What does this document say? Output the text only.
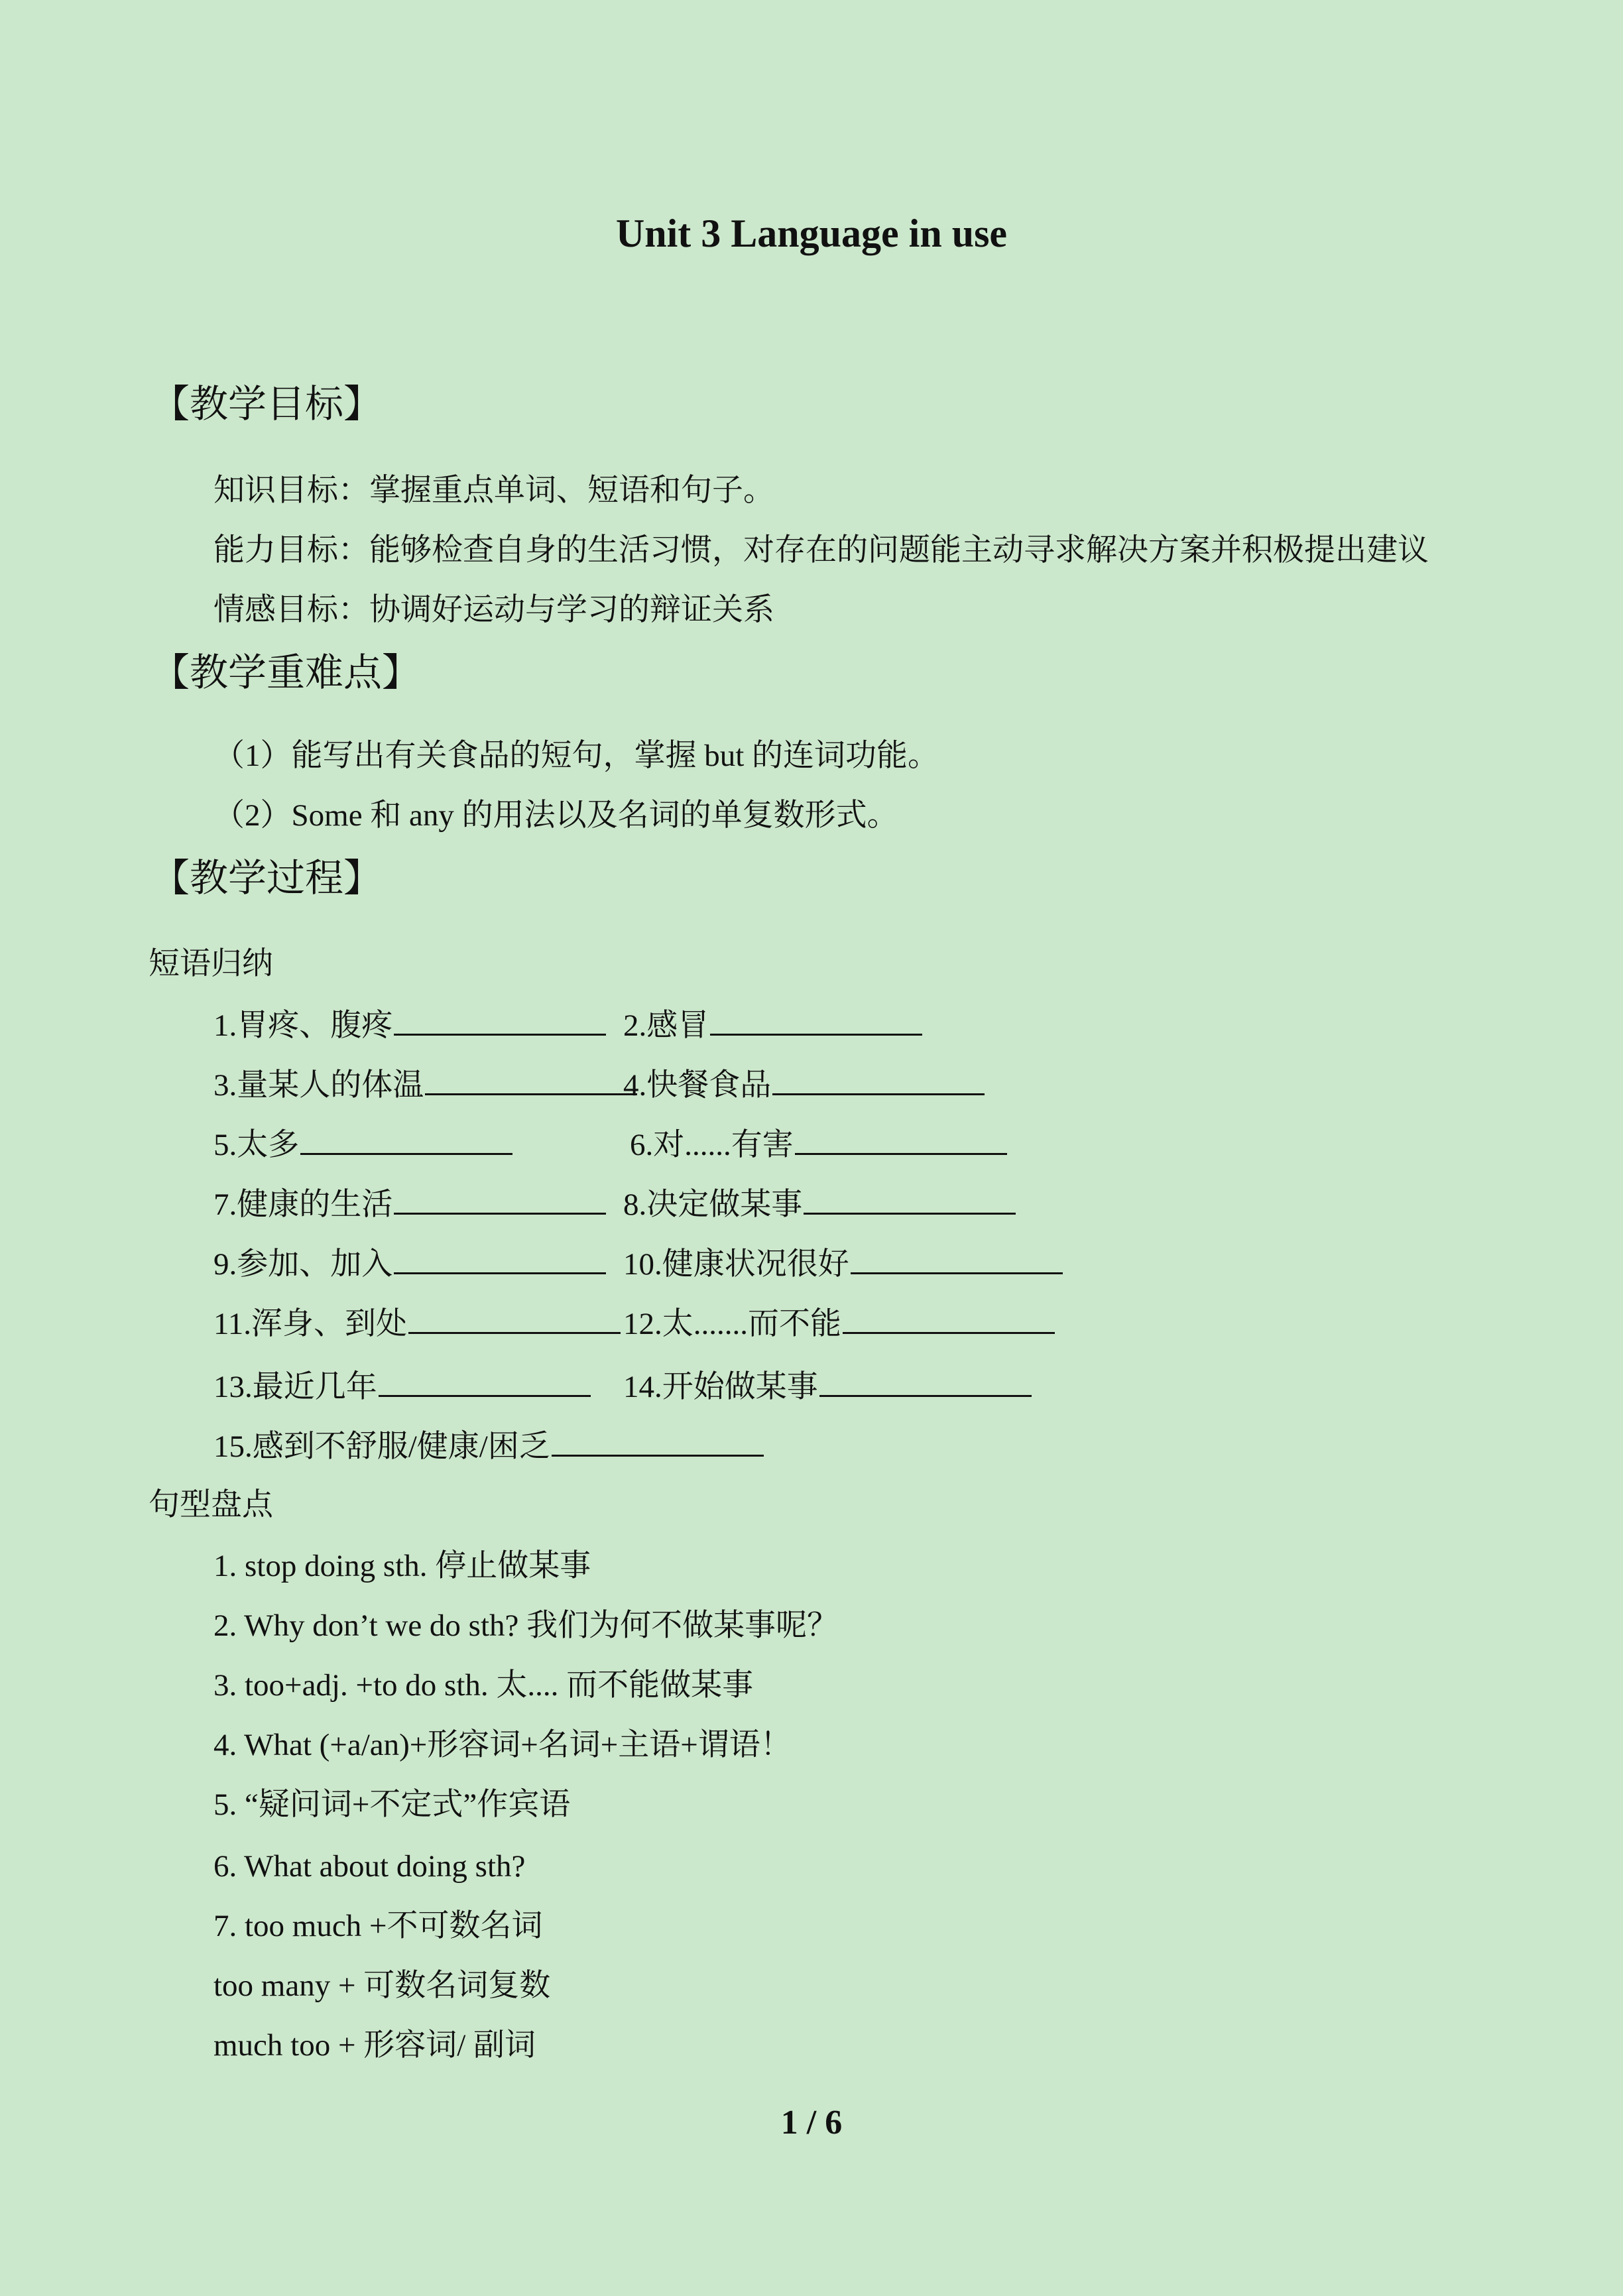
Unit 3 Language in use
【教学目标】
知识目标：掌握重点单词、短语和句子。
能力目标：能够检查自身的生活习惯，对存在的问题能主动寻求解决方案并积极提出建议
情感目标：协调好运动与学习的辩证关系
【教学重难点】
（1）能写出有关食品的短句，掌握 but 的连词功能。
（2）Some 和 any 的用法以及名词的单复数形式。
【教学过程】
短语归纳
1.胃疼、腹疼	2.感冒
3.量某人的体温	4.快餐食品
5.太多	6.对......有害
7.健康的生活	8.决定做某事
9.参加、加入	10.健康状况很好
11.浑身、到处	12.太.......而不能
13.最近几年	14.开始做某事
15.感到不舒服/健康/困乏
句型盘点
1. stop doing sth. 停止做某事
2. Why don’t we do sth? 我们为何不做某事呢？
3. too+adj. +to do sth. 太.... 而不能做某事
4. What (+a/an)+形容词+名词+主语+谓语！
5. “疑问词+不定式”作宾语
6. What about doing sth?
7. too much +不可数名词
too many + 可数名词复数
much too + 形容词/ 副词
1 / 6
